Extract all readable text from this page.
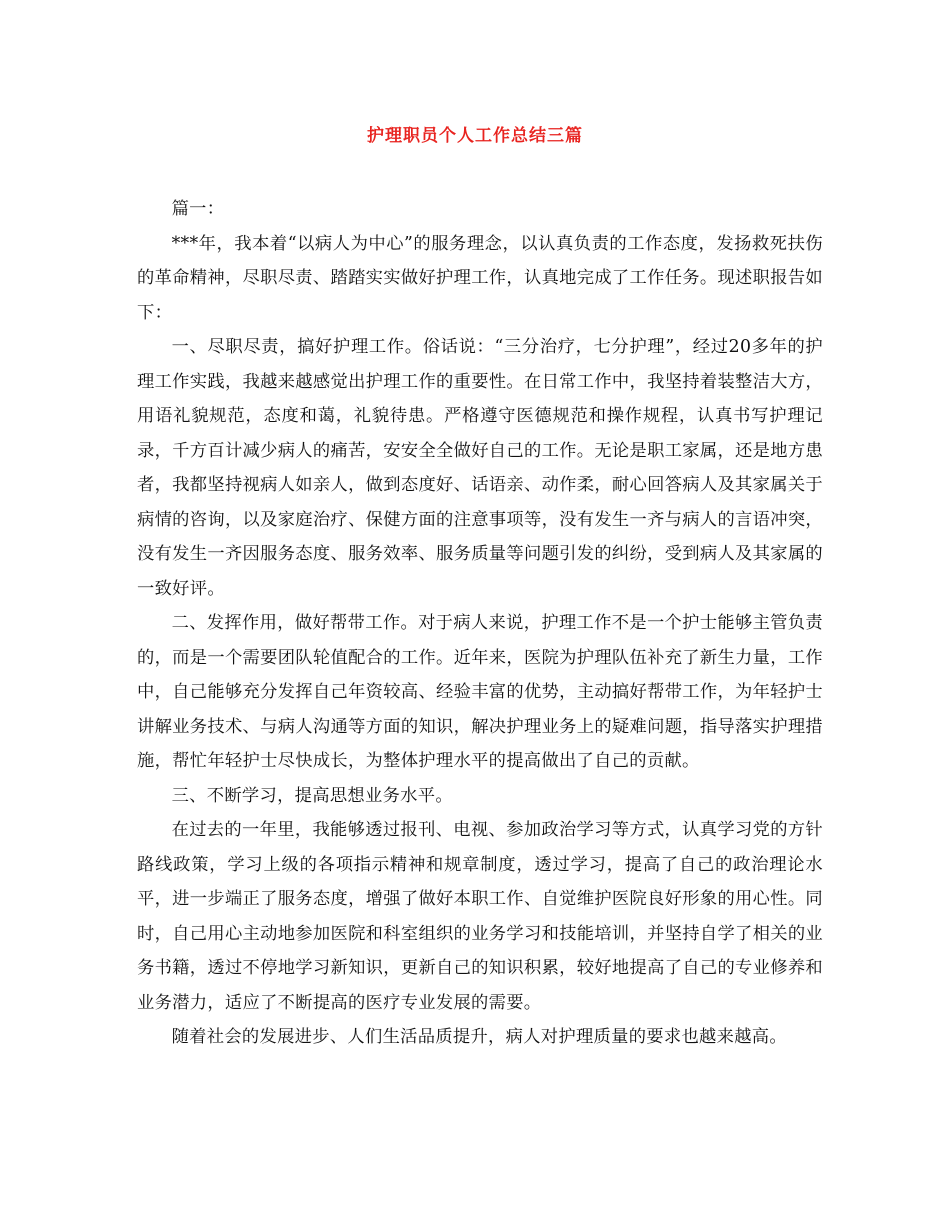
护理职员个人工作总结三篇

篇一：

***年，我本着“以病人为中心”的服务理念，以认真负责的工作态度，发扬救死扶伤的革命精神，尽职尽责、踏踏实实做好护理工作，认真地完成了工作任务。现述职报告如下：

一、尽职尽责，搞好护理工作。俗话说：“三分治疗，七分护理”，经过20多年的护理工作实践，我越来越感觉出护理工作的重要性。在日常工作中，我坚持着装整洁大方，用语礼貌规范，态度和蔼，礼貌待患。严格遵守医德规范和操作规程，认真书写护理记录，千方百计减少病人的痛苦，安安全全做好自己的工作。无论是职工家属，还是地方患者，我都坚持视病人如亲人，做到态度好、话语亲、动作柔，耐心回答病人及其家属关于病情的咨询，以及家庭治疗、保健方面的注意事项等，没有发生一齐与病人的言语冲突，没有发生一齐因服务态度、服务效率、服务质量等问题引发的纠纷，受到病人及其家属的一致好评。

二、发挥作用，做好帮带工作。对于病人来说，护理工作不是一个护士能够主管负责的，而是一个需要团队轮值配合的工作。近年来，医院为护理队伍补充了新生力量，工作中，自己能够充分发挥自己年资较高、经验丰富的优势，主动搞好帮带工作，为年轻护士讲解业务技术、与病人沟通等方面的知识，解决护理业务上的疑难问题，指导落实护理措施，帮忙年轻护士尽快成长，为整体护理水平的提高做出了自己的贡献。

三、不断学习，提高思想业务水平。

在过去的一年里，我能够透过报刊、电视、参加政治学习等方式，认真学习党的方针路线政策，学习上级的各项指示精神和规章制度，透过学习，提高了自己的政治理论水平，进一步端正了服务态度，增强了做好本职工作、自觉维护医院良好形象的用心性。同时，自己用心主动地参加医院和科室组织的业务学习和技能培训，并坚持自学了相关的业务书籍，透过不停地学习新知识，更新自己的知识积累，较好地提高了自己的专业修养和业务潜力，适应了不断提高的医疗专业发展的需要。

随着社会的发展进步、人们生活品质提升，病人对护理质量的要求也越来越高。
